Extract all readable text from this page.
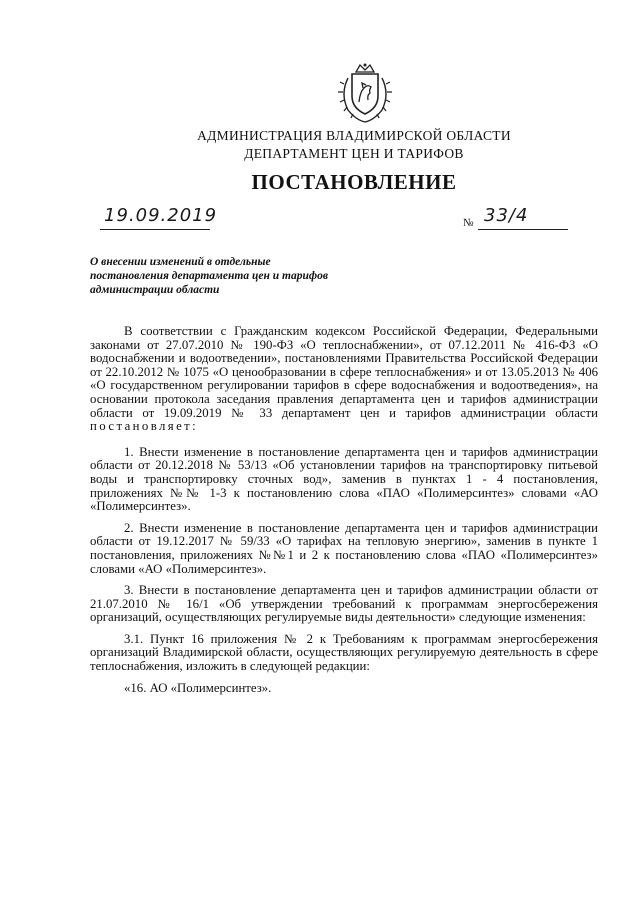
АДМИНИСТРАЦИЯ ВЛАДИМИРСКОЙ ОБЛАСТИ
ДЕПАРТАМЕНТ ЦЕН И ТАРИФОВ
ПОСТАНОВЛЕНИЕ
19.09.2019	№ 33/4
О внесении изменений в отдельные
постановления департамента цен и тарифов
администрации области

В соответствии с Гражданским кодексом Российской Федерации, Федеральными законами от 27.07.2010 № 190-ФЗ «О теплоснабжении», от 07.12.2011 № 416-ФЗ «О водоснабжении и водоотведении», постановлениями Правительства Российской Федерации от 22.10.2012 № 1075 «О ценообразовании в сфере теплоснабжения» и от 13.05.2013 № 406 «О государственном регулировании тарифов в сфере водоснабжения и водоотведения», на основании протокола заседания правления департамента цен и тарифов администрации области от 19.09.2019 № 33 департамент цен и тарифов администрации области постановляет:

1. Внести изменение в постановление департамента цен и тарифов администрации области от 20.12.2018 № 53/13 «Об установлении тарифов на транспортировку питьевой воды и транспортировку сточных вод», заменив в пунктах 1 - 4 постановления, приложениях №№ 1-3 к постановлению слова «ПАО «Полимерсинтез» словами «АО «Полимерсинтез».

2. Внести изменение в постановление департамента цен и тарифов администрации области от 19.12.2017 № 59/33 «О тарифах на тепловую энергию», заменив в пункте 1 постановления, приложениях №№1 и 2 к постановлению слова «ПАО «Полимерсинтез» словами «АО «Полимерсинтез».

3. Внести в постановление департамента цен и тарифов администрации области от 21.07.2010 № 16/1 «Об утверждении требований к программам энергосбережения организаций, осуществляющих регулируемые виды деятельности» следующие изменения:

3.1. Пункт 16 приложения № 2 к Требованиям к программам энергосбережения организаций Владимирской области, осуществляющих регулируемую деятельность в сфере теплоснабжения, изложить в следующей редакции:

«16. АО «Полимерсинтез».
